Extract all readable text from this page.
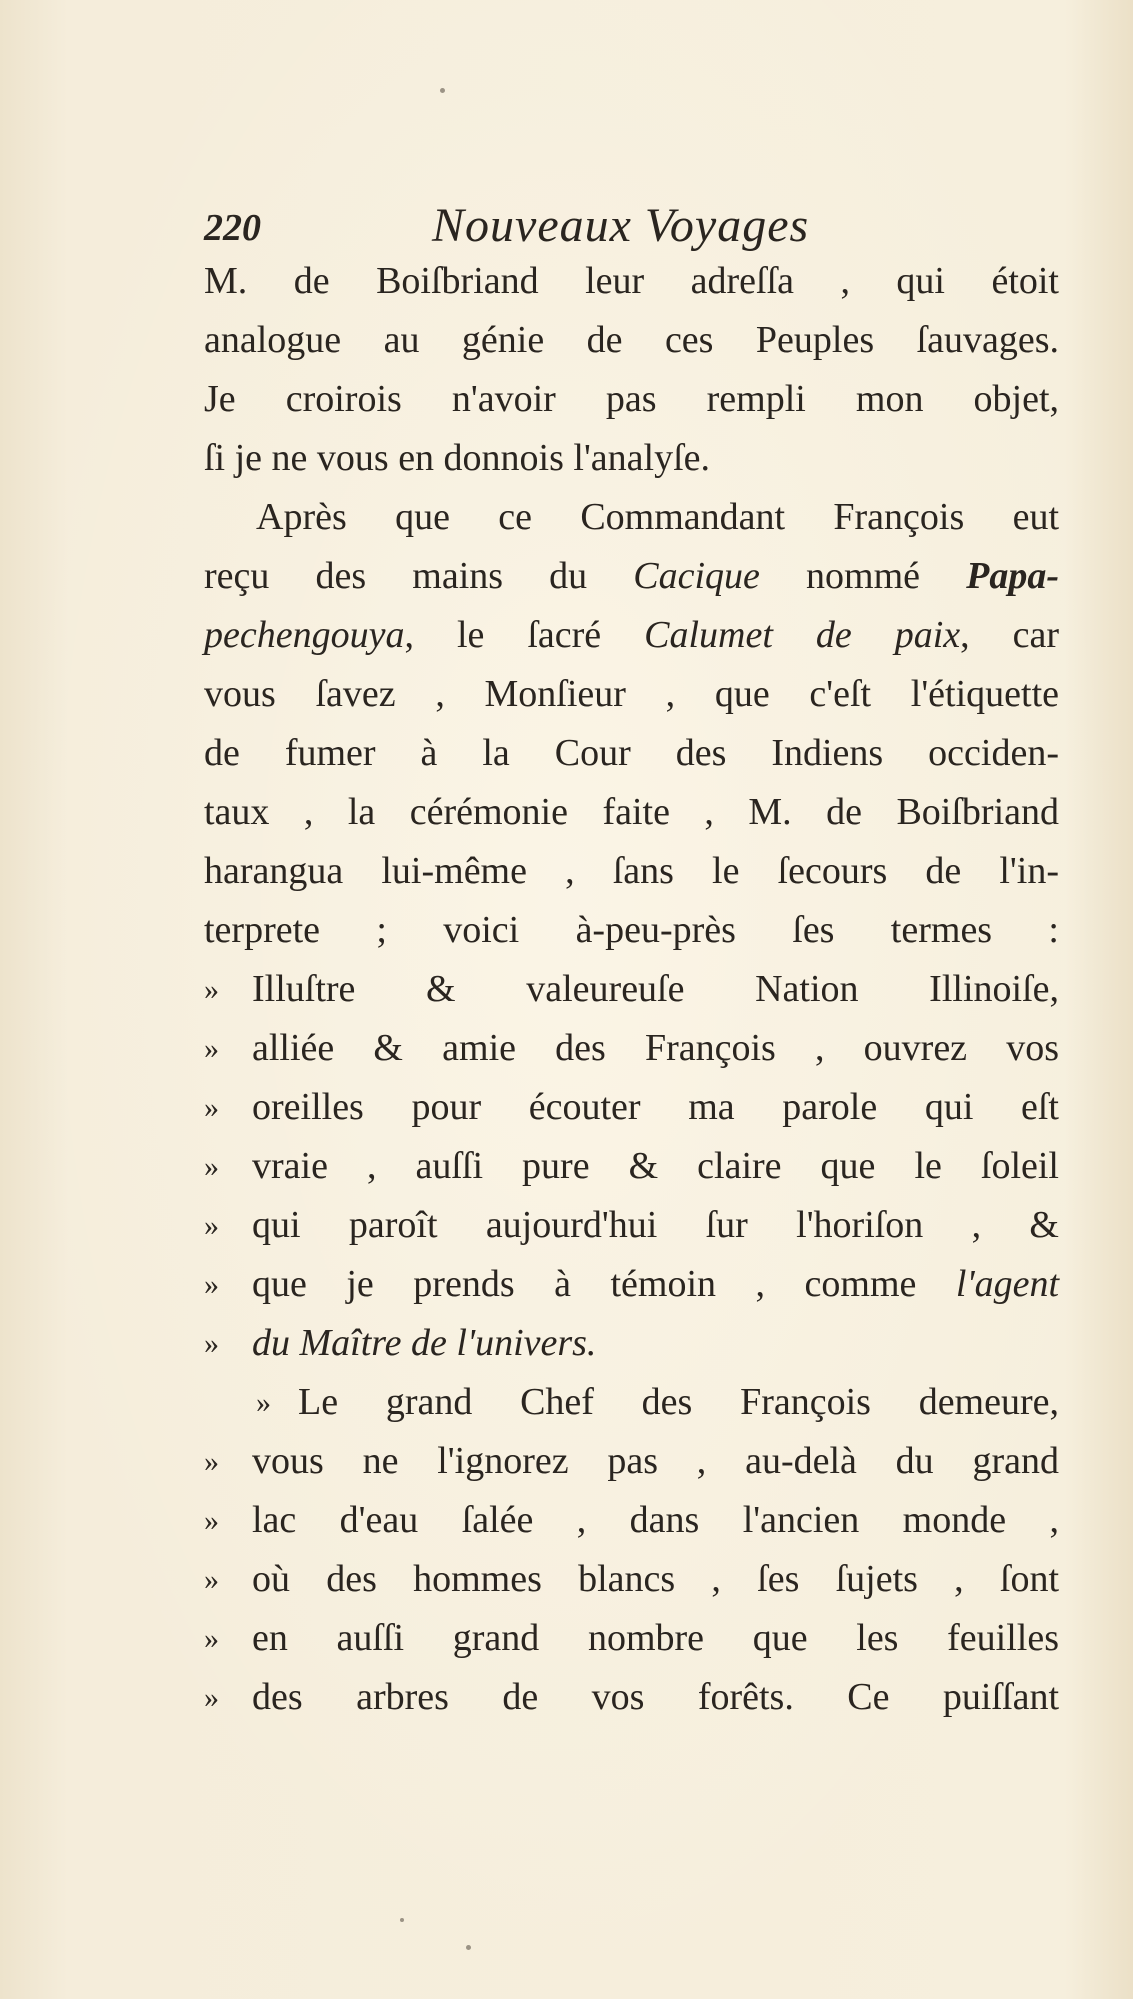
220	Nouveaux Voyages
M. de Boiſbriand leur adreſſa , qui étoit
analogue au génie de ces Peuples ſauvages.
Je croirois n'avoir pas rempli mon objet,
ſi je ne vous en donnois l'analyſe.
Après que ce Commandant François eut
reçu des mains du Cacique nommé Papa-
pechengouya, le ſacré Calumet de paix, car
vous ſavez , Monſieur , que c'eſt l'étiquette
de fumer à la Cour des Indiens occiden-
taux , la cérémonie faite , M. de Boiſbriand
harangua lui-même , ſans le ſecours de l'in-
terprete ; voici à-peu-près ſes termes :
» Illuſtre & valeureuſe Nation Illinoiſe,
» alliée & amie des François , ouvrez vos
» oreilles pour écouter ma parole qui eſt
» vraie , auſſi pure & claire que le ſoleil
» qui paroît aujourd'hui ſur l'horiſon , &
» que je prends à témoin , comme l'agent
» du Maître de l'univers.
» Le grand Chef des François demeure,
» vous ne l'ignorez pas , au-delà du grand
» lac d'eau ſalée , dans l'ancien monde ,
» où des hommes blancs , ſes ſujets , ſont
» en auſſi grand nombre que les feuilles
» des arbres de vos forêts. Ce puiſſant
